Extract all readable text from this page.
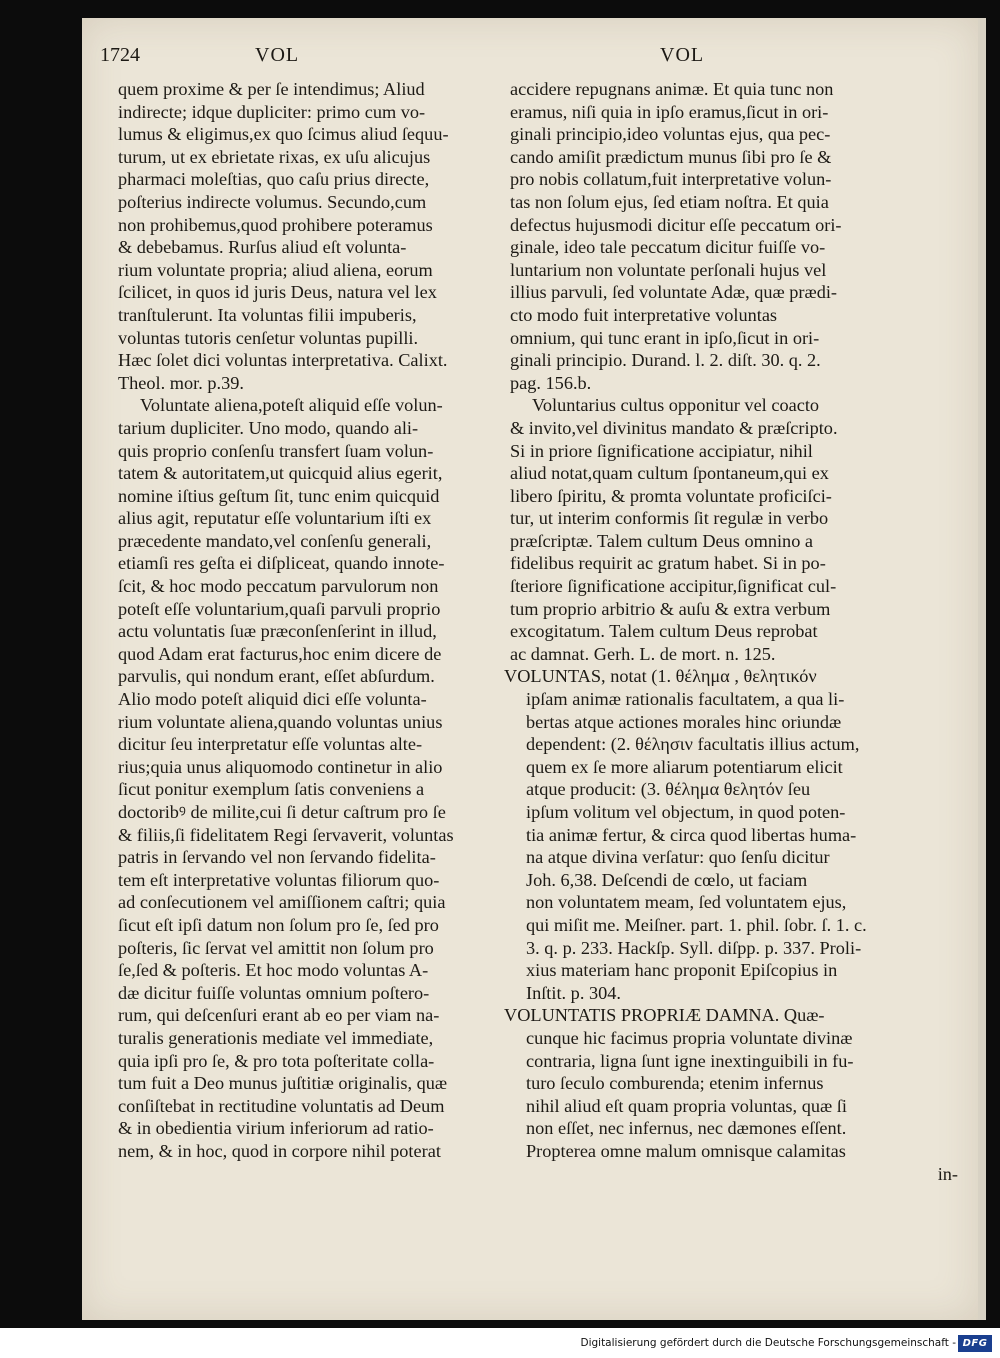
1724	VOL	VOL

quem proxime & per ſe intendimus; Aliud
indirecte; idque dupliciter: primo cum vo-
lumus & eligimus,ex quo ſcimus aliud ſequu-
turum, ut ex ebrietate rixas, ex uſu alicujus
pharmaci moleſtias, quo caſu prius directe,
poſterius indirecte volumus. Secundo,cum
non prohibemus,quod prohibere poteramus
& debebamus. Rurſus aliud eſt volunta-
rium voluntate propria; aliud aliena, eorum
ſcilicet, in quos id juris Deus, natura vel lex
tranſtulerunt. Ita voluntas filii impuberis,
voluntas tutoris cenſetur voluntas pupilli.
Hæc ſolet dici voluntas interpretativa. Calixt.
Theol. mor. p.39.
Voluntate aliena,poteſt aliquid eſſe volun-
tarium dupliciter. Uno modo, quando ali-
quis proprio conſenſu transfert ſuam volun-
tatem & autoritatem,ut quicquid alius egerit,
nomine iſtius geſtum ſit, tunc enim quicquid
alius agit, reputatur eſſe voluntarium iſti ex
præcedente mandato,vel conſenſu generali,
etiamſi res geſta ei diſpliceat, quando innote-
ſcit, & hoc modo peccatum parvulorum non
poteſt eſſe voluntarium,quaſi parvuli proprio
actu voluntatis ſuæ præconſenſerint in illud,
quod Adam erat facturus,hoc enim dicere de
parvulis, qui nondum erant, eſſet abſurdum.
Alio modo poteſt aliquid dici eſſe volunta-
rium voluntate aliena,quando voluntas unius
dicitur ſeu interpretatur eſſe voluntas alte-
rius;quia unus aliquomodo continetur in alio
ſicut ponitur exemplum ſatis conveniens a
doctoribꝰ de milite,cui ſi detur caſtrum pro ſe
& filiis,ſi fidelitatem Regi ſervaverit, voluntas
patris in ſervando vel non ſervando fidelita-
tem eſt interpretative voluntas filiorum quo-
ad conſecutionem vel amiſſionem caſtri; quia
ſicut eſt ipſi datum non ſolum pro ſe, ſed pro
poſteris, ſic ſervat vel amittit non ſolum pro
ſe,ſed & poſteris. Et hoc modo voluntas A-
dæ dicitur fuiſſe voluntas omnium poſtero-
rum, qui deſcenſuri erant ab eo per viam na-
turalis generationis mediate vel immediate,
quia ipſi pro ſe, & pro tota poſteritate colla-
tum fuit a Deo munus juſtitiæ originalis, quæ
conſiſtebat in rectitudine voluntatis ad Deum
& in obedientia virium inferiorum ad ratio-
nem, & in hoc, quod in corpore nihil poterat
accidere repugnans animæ. Et quia tunc non
eramus, niſi quia in ipſo eramus,ſicut in ori-
ginali principio,ideo voluntas ejus, qua pec-
cando amiſit prædictum munus ſibi pro ſe &
pro nobis collatum,fuit interpretative volun-
tas non ſolum ejus, ſed etiam noſtra. Et quia
defectus hujusmodi dicitur eſſe peccatum ori-
ginale, ideo tale peccatum dicitur fuiſſe vo-
luntarium non voluntate perſonali hujus vel
illius parvuli, ſed voluntate Adæ, quæ prædi-
cto modo fuit interpretative voluntas
omnium, qui tunc erant in ipſo,ſicut in ori-
ginali principio. Durand. l. 2. diſt. 30. q. 2.
pag. 156.b.
Voluntarius cultus opponitur vel coacto
& invito,vel divinitus mandato & præſcripto.
Si in priore ſignificatione accipiatur, nihil
aliud notat,quam cultum ſpontaneum,qui ex
libero ſpiritu, & promta voluntate proficiſci-
tur, ut interim conformis ſit regulæ in verbo
præſcriptæ. Talem cultum Deus omnino a
fidelibus requirit ac gratum habet. Si in po-
ſteriore ſignificatione accipitur,ſignificat cul-
tum proprio arbitrio & auſu & extra verbum
excogitatum. Talem cultum Deus reprobat
ac damnat. Gerh. L. de mort. n. 125.
VOLUNTAS, notat (1. θέλημα , θελητικόν
ipſam animæ rationalis facultatem, a qua li-
bertas atque actiones morales hinc oriundæ
dependent: (2. θέλησιν facultatis illius actum,
quem ex ſe more aliarum potentiarum elicit
atque producit: (3. θέλημα θελητόν ſeu
ipſum volitum vel objectum, in quod poten-
tia animæ fertur, & circa quod libertas huma-
na atque divina verſatur: quo ſenſu dicitur
Joh. 6,38. Deſcendi de cœlo, ut faciam
non voluntatem meam, ſed voluntatem ejus,
qui miſit me. Meiſner. part. 1. phil. ſobr. ſ. 1. c.
3. q. p. 233. Hackſp. Syll. diſpp. p. 337. Proli-
xius materiam hanc proponit Epiſcopius in
Inſtit. p. 304.
VOLUNTATIS PROPRIÆ DAMNA. Quæ-
cunque hic facimus propria voluntate divinæ
contraria, ligna ſunt igne inextinguibili in fu-
turo ſeculo comburenda; etenim infernus
nihil aliud eſt quam propria voluntas, quæ ſi
non eſſet, nec infernus, nec dæmones eſſent.
Propterea omne malum omnisque calamitas
in-
Digitalisierung gefördert durch die Deutsche Forschungsgemeinschaft - DFG
